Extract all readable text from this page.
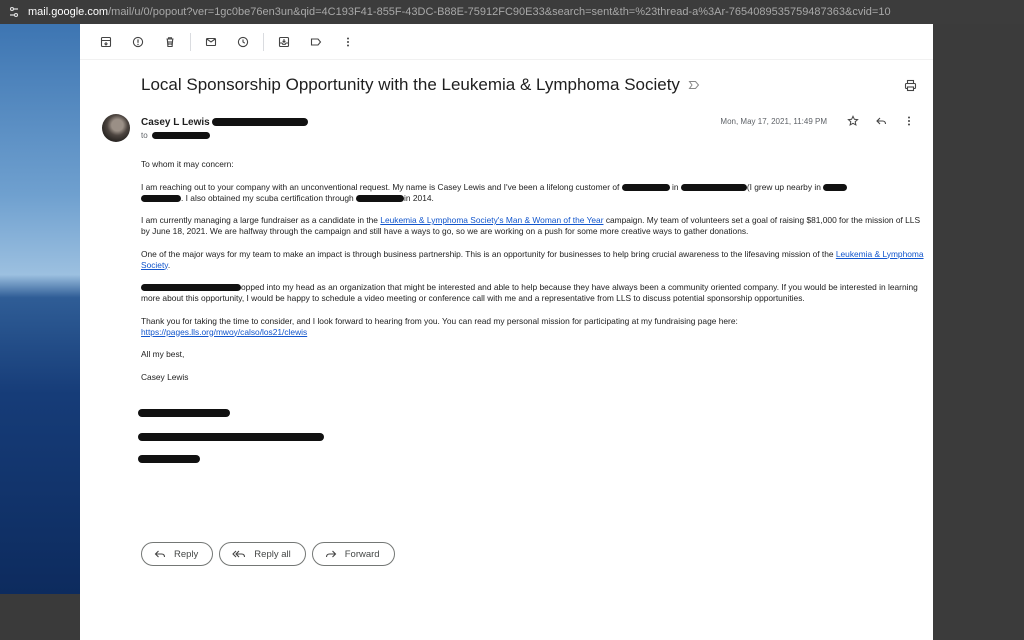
mail.google.com/mail/u/0/popout?ver=1gc0be76en3un&qid=4C193F41-855F-43DC-B88E-75912FC90E33&search=sent&th=%23thread-a%3Ar-7654089535759487363&cvid=10
Local Sponsorship Opportunity with the Leukemia & Lymphoma Society
Casey L Lewis
to
Mon, May 17, 2021, 11:49 PM

To whom it may concern:

I am reaching out to your company with an unconventional request. My name is Casey Lewis and I've been a lifelong customer of	in	(I grew up nearby in
. I also obtained my scuba certification through	in 2014.

I am currently managing a large fundraiser as a candidate in the Leukemia & Lymphoma Society's Man & Woman of the Year campaign. My team of volunteers set a goal of raising $81,000 for the mission of LLS by June 18, 2021. We are halfway through the campaign and still have a ways to go, so we are working on a push for some more creative ways to gather donations.

One of the major ways for my team to make an impact is through business partnership. This is an opportunity for businesses to help bring crucial awareness to the lifesaving mission of the Leukemia & Lymphoma Society.

opped into my head as an organization that might be interested and able to help because they have always been a community oriented company. If you would be interested in learning more about this opportunity, I would be happy to schedule a video meeting or conference call with me and a representative from LLS to discuss potential sponsorship opportunities.

Thank you for taking the time to consider, and I look forward to hearing from you. You can read my personal mission for participating at my fundraising page here:
https://pages.lls.org/mwoy/calso/los21/clewis

All my best,

Casey Lewis

Reply	Reply all	Forward
